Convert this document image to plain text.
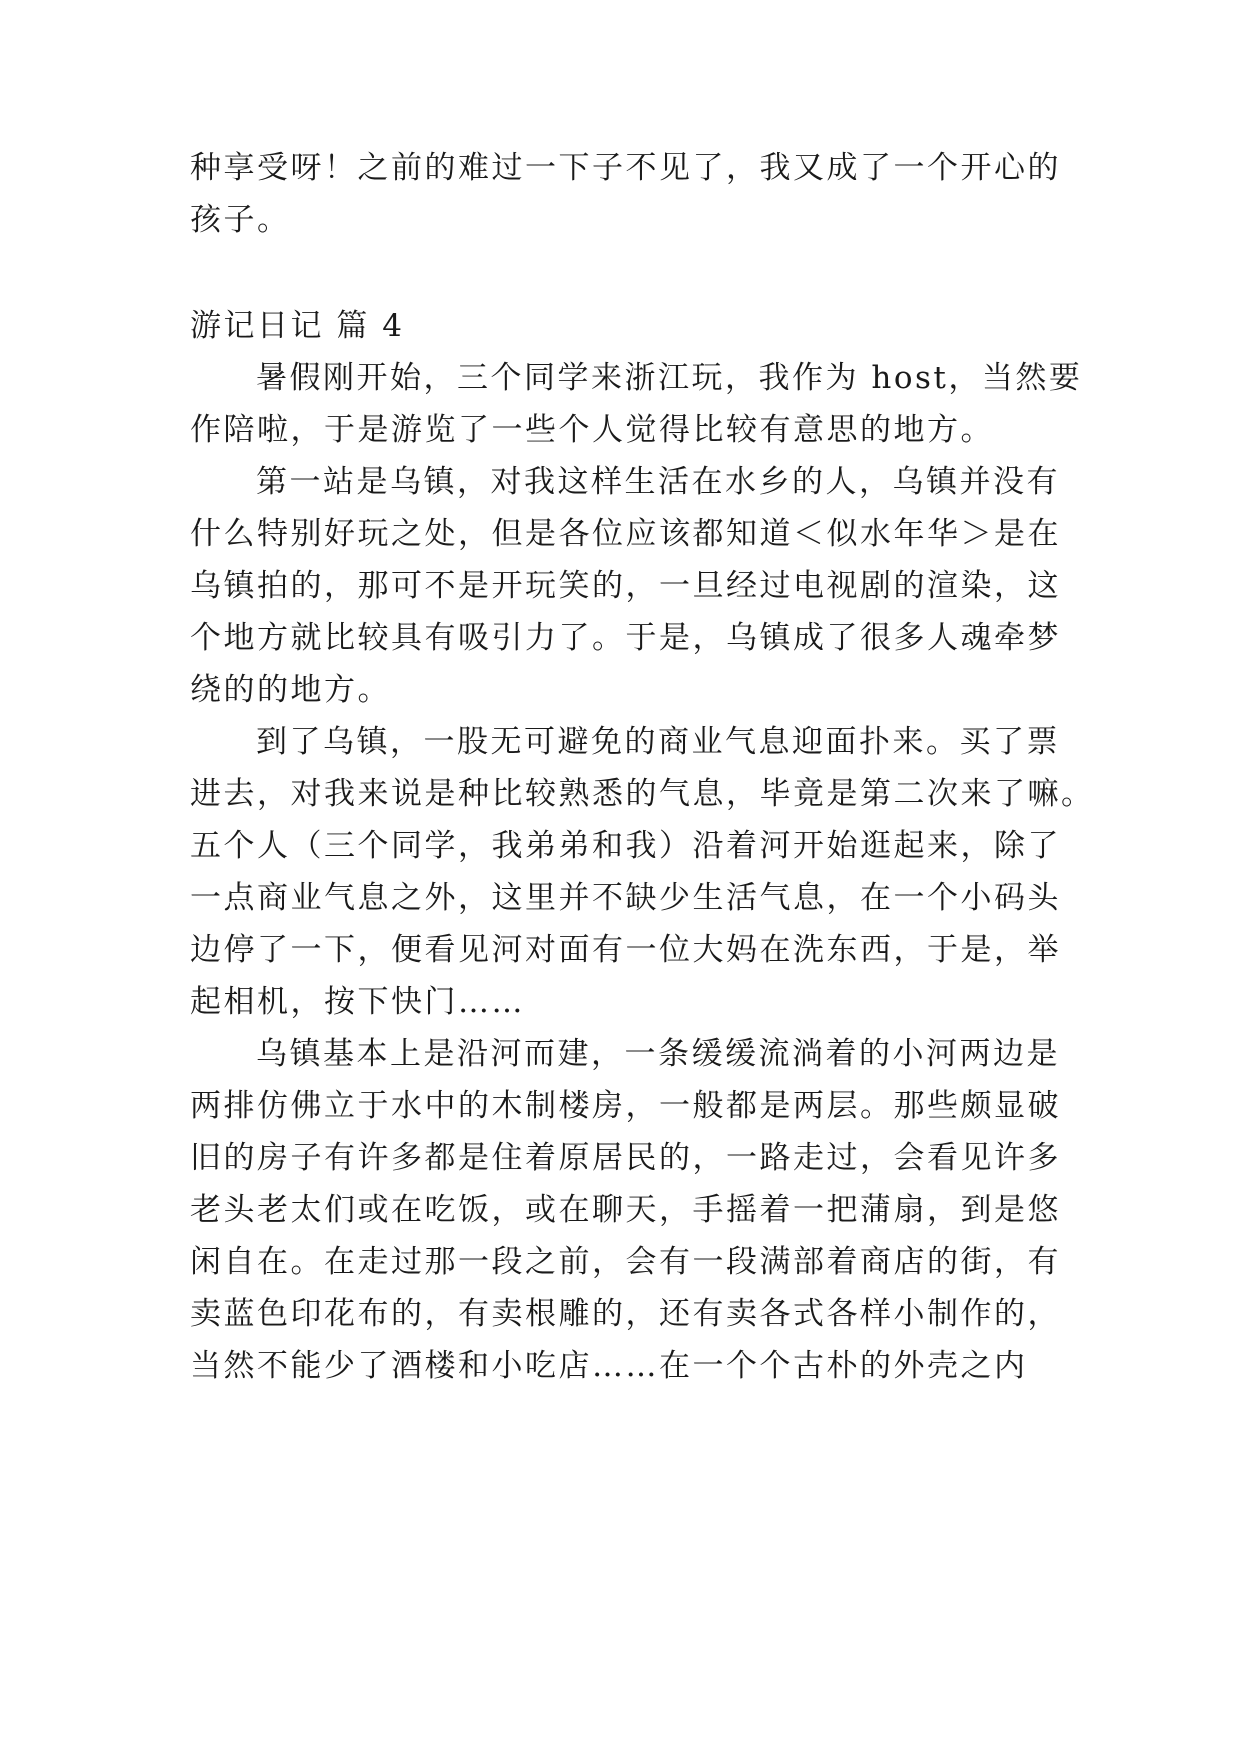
种享受呀！之前的难过一下子不见了，我又成了一个开心的

孩子。

游记日记 篇 4

暑假刚开始，三个同学来浙江玩，我作为 host，当然要

作陪啦，于是游览了一些个人觉得比较有意思的地方。

第一站是乌镇，对我这样生活在水乡的人，乌镇并没有

什么特别好玩之处，但是各位应该都知道＜似水年华＞是在

乌镇拍的，那可不是开玩笑的，一旦经过电视剧的渲染，这

个地方就比较具有吸引力了。于是，乌镇成了很多人魂牵梦

绕的的地方。

到了乌镇，一股无可避免的商业气息迎面扑来。买了票

进去，对我来说是种比较熟悉的气息，毕竟是第二次来了嘛。

五个人（三个同学，我弟弟和我）沿着河开始逛起来，除了

一点商业气息之外，这里并不缺少生活气息，在一个小码头

边停了一下，便看见河对面有一位大妈在洗东西，于是，举

起相机，按下快门……

乌镇基本上是沿河而建，一条缓缓流淌着的小河两边是

两排仿佛立于水中的木制楼房，一般都是两层。那些颇显破

旧的房子有许多都是住着原居民的，一路走过，会看见许多

老头老太们或在吃饭，或在聊天，手摇着一把蒲扇，到是悠

闲自在。在走过那一段之前，会有一段满部着商店的街，有

卖蓝色印花布的，有卖根雕的，还有卖各式各样小制作的，

当然不能少了酒楼和小吃店……在一个个古朴的外壳之内
